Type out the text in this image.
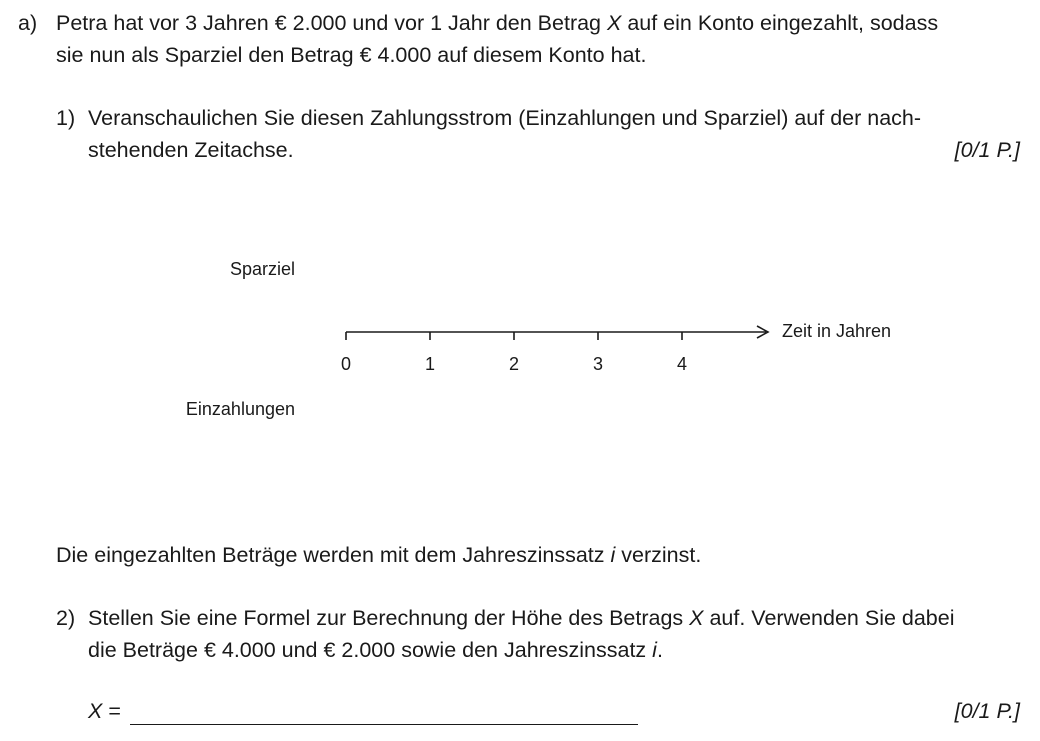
a) Petra hat vor 3 Jahren € 2.000 und vor 1 Jahr den Betrag X auf ein Konto eingezahlt, sodass
sie nun als Sparziel den Betrag € 4.000 auf diesem Konto hat.
1) Veranschaulichen Sie diesen Zahlungsstrom (Einzahlungen und Sparziel) auf der nach-
stehenden Zeitachse.	[0/1 P.]
Sparziel
Einzahlungen
0	1	2	3	4
Zeit in Jahren
Die eingezahlten Beträge werden mit dem Jahreszinssatz i verzinst.
2) Stellen Sie eine Formel zur Berechnung der Höhe des Betrags X auf. Verwenden Sie dabei
die Beträge € 4.000 und € 2.000 sowie den Jahreszinssatz i.
X =	[0/1 P.]
